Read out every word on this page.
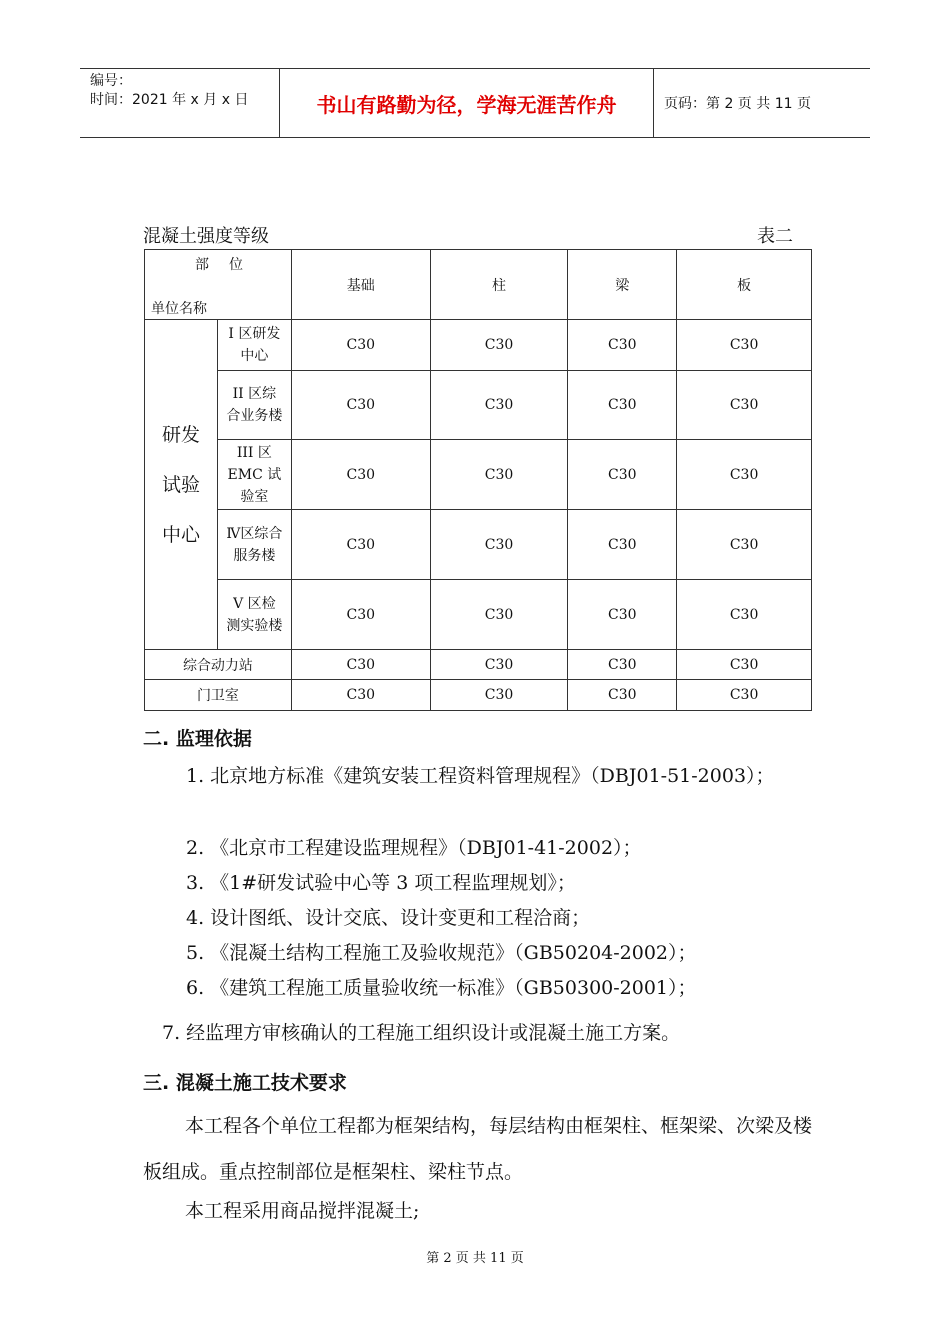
编号：
时间：2021 年 x 月 x 日	书山有路勤为径，学海无涯苦作舟	页码：第 2 页 共 11 页
混凝土强度等级	表二
部位
单位名称		基础	柱	梁	板

研发试验中心	I 区研发中心	C30	C30	C30	C30

	II 区综合业务楼	C30	C30	C30	C30

	III 区 EMC 试验室	C30	C30	C30	C30

	Ⅳ区综合服务楼	C30	C30	C30	C30

	V 区检测实验楼	C30	C30	C30	C30
综合动力站		C30	C30	C30	C30
门卫室		C30	C30	C30	C30
二. 监理依据
1. 北京地方标准《建筑安装工程资料管理规程》（DBJ01-51-2003）；
2. 《北京市工程建设监理规程》（DBJ01-41-2002）；
3. 《1#研发试验中心等 3 项工程监理规划》；
4. 设计图纸、设计交底、设计变更和工程洽商；
5. 《混凝土结构工程施工及验收规范》（GB50204-2002）；
6. 《建筑工程施工质量验收统一标准》（GB50300-2001）；
7. 经监理方审核确认的工程施工组织设计或混凝土施工方案。
三. 混凝土施工技术要求
本工程各个单位工程都为框架结构，每层结构由框架柱、框架梁、次梁及楼板组成。重点控制部位是框架柱、梁柱节点。
本工程采用商品搅拌混凝土;
第 2 页 共 11 页
